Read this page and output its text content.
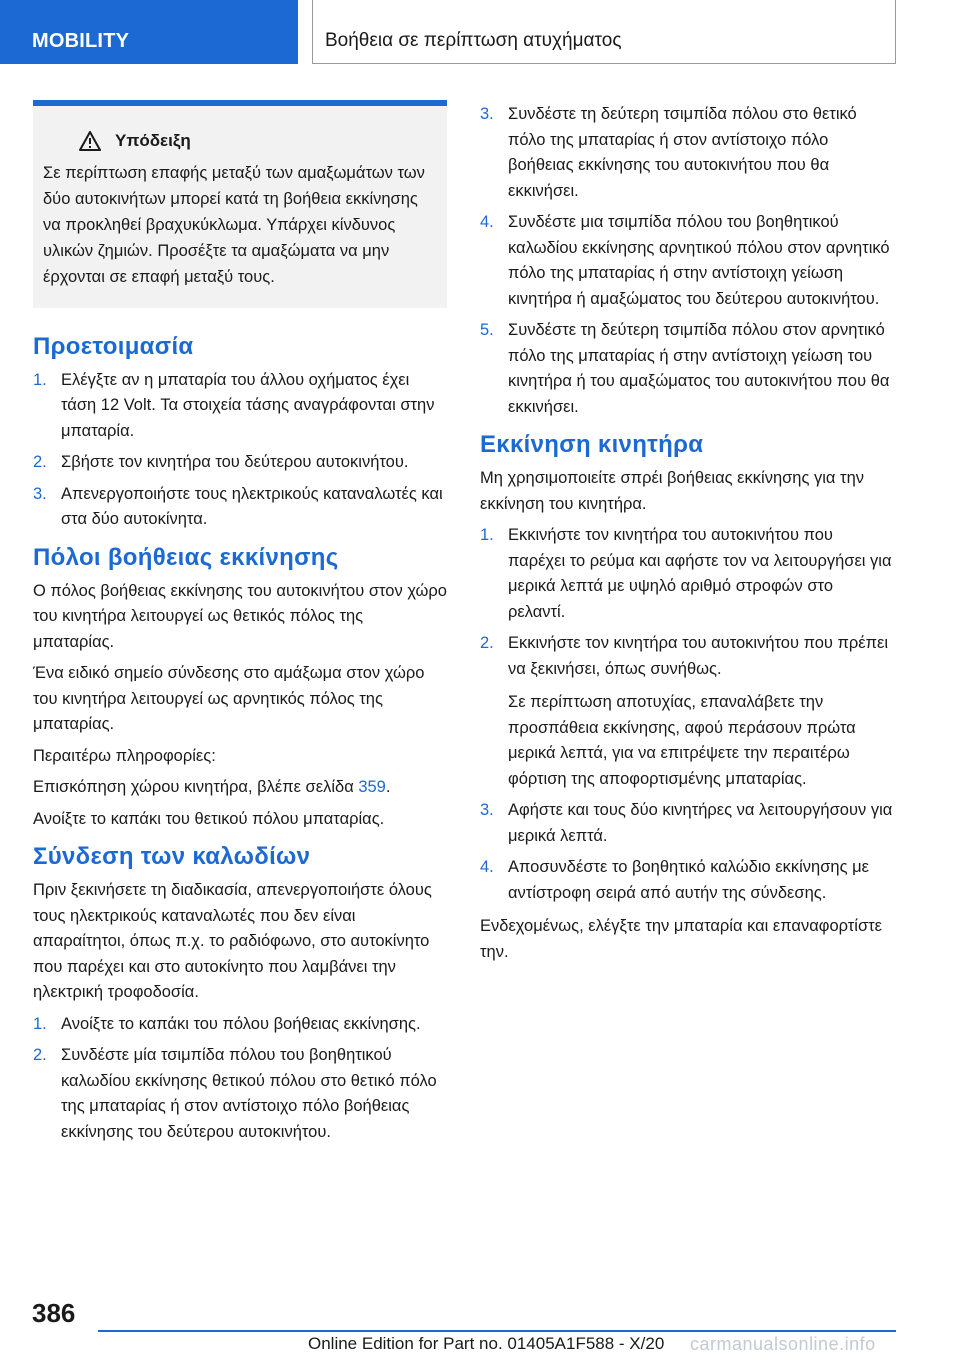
MOBILITY	Βοήθεια σε περίπτωση ατυχήματος
Υπόδειξη
Σε περίπτωση επαφής μεταξύ των αμαξωμάτων των δύο αυτοκινήτων μπορεί κατά τη βοήθεια εκκίνησης να προκληθεί βραχυκύκλωμα. Υπάρχει κίνδυνος υλικών ζημιών. Προσέξτε τα αμαξώματα να μην έρχονται σε επαφή μεταξύ τους.
Προετοιμασία
1. Ελέγξτε αν η μπαταρία του άλλου οχήματος έχει τάση 12 Volt. Τα στοιχεία τάσης αναγράφονται στην μπαταρία.
2. Σβήστε τον κινητήρα του δεύτερου αυτοκινήτου.
3. Απενεργοποιήστε τους ηλεκτρικούς καταναλωτές και στα δύο αυτοκίνητα.
Πόλοι βοήθειας εκκίνησης

Ο πόλος βοήθειας εκκίνησης του αυτοκινήτου στον χώρο του κινητήρα λειτουργεί ως θετικός πόλος της μπαταρίας.

Ένα ειδικό σημείο σύνδεσης στο αμάξωμα στον χώρο του κινητήρα λειτουργεί ως αρνητικός πόλος της μπαταρίας.

Περαιτέρω πληροφορίες:

Επισκόπηση χώρου κινητήρα, βλέπε σελίδα 359.

Ανοίξτε το καπάκι του θετικού πόλου μπαταρίας.

Σύνδεση των καλωδίων

Πριν ξεκινήσετε τη διαδικασία, απενεργοποιήστε όλους τους ηλεκτρικούς καταναλωτές που δεν είναι απαραίτητοι, όπως π.χ. το ραδιόφωνο, στο αυτοκίνητο που παρέχει και στο αυτοκίνητο που λαμβάνει την ηλεκτρική τροφοδοσία.

1. Ανοίξτε το καπάκι του πόλου βοήθειας εκκίνησης.
2. Συνδέστε μία τσιμπίδα πόλου του βοηθητικού καλωδίου εκκίνησης θετικού πόλου στο θετικό πόλο της μπαταρίας ή στον αντίστοιχο πόλο βοήθειας εκκίνησης του δεύτερου αυτοκινήτου.
3. Συνδέστε τη δεύτερη τσιμπίδα πόλου στο θετικό πόλο της μπαταρίας ή στον αντίστοιχο πόλο βοήθειας εκκίνησης του αυτοκινήτου που θα εκκινήσει.
4. Συνδέστε μια τσιμπίδα πόλου του βοηθητικού καλωδίου εκκίνησης αρνητικού πόλου στον αρνητικό πόλο της μπαταρίας ή στην αντίστοιχη γείωση κινητήρα ή αμαξώματος του δεύτερου αυτοκινήτου.
5. Συνδέστε τη δεύτερη τσιμπίδα πόλου στον αρνητικό πόλο της μπαταρίας ή στην αντίστοιχη γείωση του κινητήρα ή του αμαξώματος του αυτοκινήτου που θα εκκινήσει.
Εκκίνηση κινητήρα

Μη χρησιμοποιείτε σπρέι βοήθειας εκκίνησης για την εκκίνηση του κινητήρα.

1. Εκκινήστε τον κινητήρα του αυτοκινήτου που παρέχει το ρεύμα και αφήστε τον να λειτουργήσει για μερικά λεπτά με υψηλό αριθμό στροφών στο ρελαντί.
2. Εκκινήστε τον κινητήρα του αυτοκινήτου που πρέπει να ξεκινήσει, όπως συνήθως.

Σε περίπτωση αποτυχίας, επαναλάβετε την προσπάθεια εκκίνησης, αφού περάσουν πρώτα μερικά λεπτά, για να επιτρέψετε την περαιτέρω φόρτιση της αποφορτισμένης μπαταρίας.

3. Αφήστε και τους δύο κινητήρες να λειτουργήσουν για μερικά λεπτά.
4. Αποσυνδέστε το βοηθητικό καλώδιο εκκίνησης με αντίστροφη σειρά από αυτήν της σύνδεσης.

Ενδεχομένως, ελέγξτε την μπαταρία και επαναφορτίστε την.

386
Online Edition for Part no. 01405A1F588 - X/20 carmanualsonline.info
